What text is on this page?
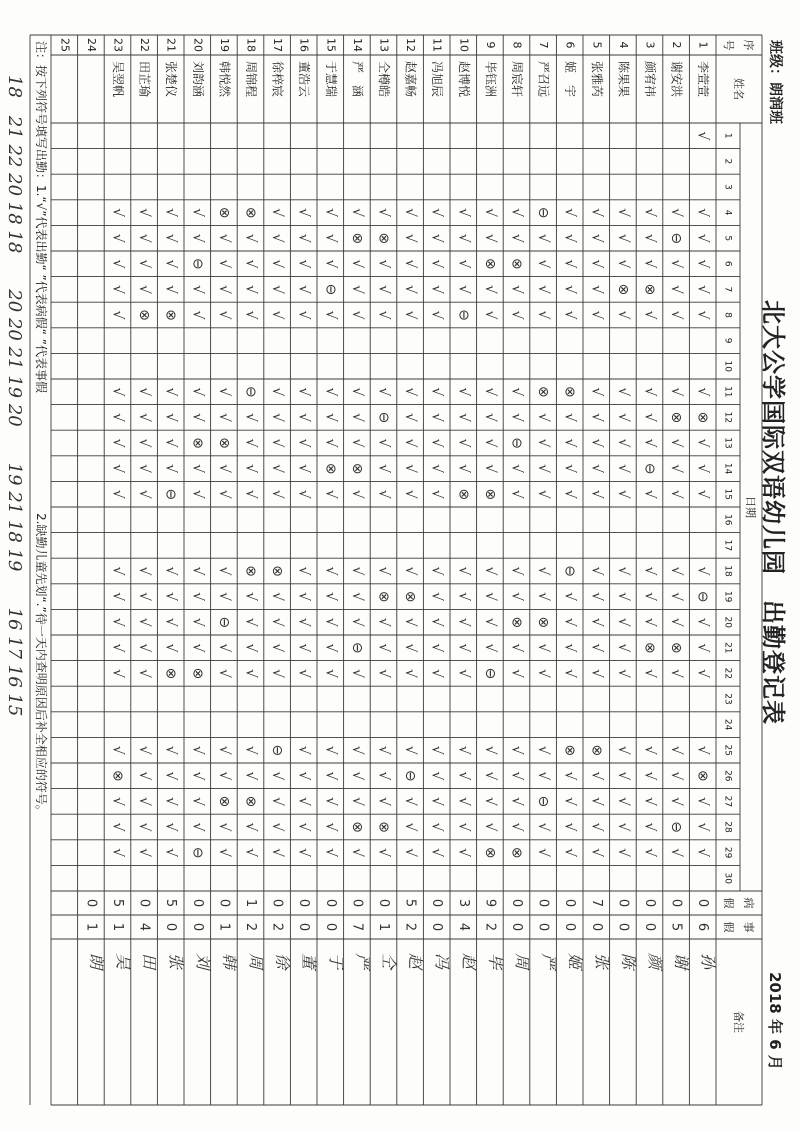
北大公学国际双语幼儿园　出勤登记表
班级：朗润班
2018 年 6 月
序
号
姓名
日期
病
假
事
假
备注
1
2
3
4
5
6
7
8
9
10
11
12
13
14
15
16
17
18
19
20
21
22
23
24
25
26
27
28
29
30
1
李萱萱
√
√
√
√
√
√
√
⊗
√
√
√
√
⊖
√
√
√
√
⊗
√
√
√
0
6
孙
2
谢安洪
√
⊖
√
√
√
√
⊗
√
√
√
√
√
√
⊗
√
√
√
√
⊖
√
0
5
谢
3
颜宥祎
√
√
√
⊗
√
√
√
√
⊖
√
√
√
√
⊗
√
√
√
√
√
√
0
0
颜
4
陈果果
√
√
√
⊗
√
√
√
√
√
√
√
√
√
√
√
√
√
√
√
√
0
0
陈
5
张雅芮
√
√
√
√
√
√
√
√
√
√
√
√
√
√
√
⊗
√
√
√
√
7
0
张
6
姬　宇
√
√
√
√
√
⊗
√
√
√
√
⊖
√
√
√
√
⊗
√
√
√
√
0
0
姬
7
严召远
⊖
√
√
√
√
⊗
√
√
√
√
√
√
⊗
√
√
√
√
⊖
√
√
0
0
严
8
周宸轩
√
√
⊗
√
√
√
√
⊖
√
√
√
√
⊗
√
√
√
√
√
√
⊗
0
0
周
9
毕钰洲
√
√
⊗
√
√
√
√
√
√
⊗
√
√
√
√
⊖
√
√
√
√
⊗
9
2
毕
10
赵博悦
√
√
√
√
⊖
√
√
√
√
⊗
√
√
√
√
√
√
√
√
√
√
3
4
赵
11
冯旭辰
√
√
√
√
√
√
√
√
√
√
√
√
√
√
√
√
√
√
√
√
0
0
冯
12
赵嘉畅
√
√
√
√
√
√
√
√
√
√
√
⊗
√
√
√
√
⊖
√
√
√
5
2
赵
13
仝樽皓
√
⊗
√
√
√
√
⊖
√
√
√
√
⊗
√
√
√
√
√
√
⊗
√
0
1
仝
14
严　涵
√
⊗
√
√
√
√
√
√
⊗
√
√
√
√
⊖
√
√
√
√
⊗
√
0
7
严
15
于慧瑞
√
√
√
⊖
√
√
√
√
⊗
√
√
√
√
√
√
√
√
√
√
√
0
0
于
16
董浩云
√
√
√
√
√
√
√
√
√
√
√
√
√
√
√
√
√
√
√
√
0
0
董
17
徐梓宸
√
√
√
√
√
√
√
√
√
√
⊗
√
√
√
√
⊖
√
√
√
√
0
2
徐
18
周锦程
⊗
√
√
√
√
⊖
√
√
√
√
⊗
√
√
√
√
√
√
⊗
√
√
1
2
周
19
韩悦然
⊗
√
√
√
√
√
√
⊗
√
√
√
√
⊖
√
√
√
√
⊗
√
√
0
1
韩
20
刘韵涵
√
√
⊖
√
√
√
√
⊗
√
√
√
√
√
√
⊗
√
√
√
√
⊖
0
0
刘
21
张楚仪
√
√
√
√
⊗
√
√
√
√
⊖
√
√
√
√
⊗
√
√
√
√
√
5
0
张
22
田芷瑜
√
√
√
√
⊗
√
√
√
√
√
√
√
√
√
√
√
√
√
√
√
0
4
田
23
吴翌帆
√
√
√
√
√
√
√
√
√
√
√
√
√
√
√
√
⊗
√
√
√
5
1
吴
24
0
1
朗
25
注：按下列符号填写出勤：1.“√”代表出勤“ ”代表病假“ ”代表事假　　　　　　　　　　2.缺勤儿童先划“.”待一天内查明原因后补全相应的符号。
18　21 22 20 18 18　　20 20 21 19 20　　19 21 18 19　　16 17 16 15
